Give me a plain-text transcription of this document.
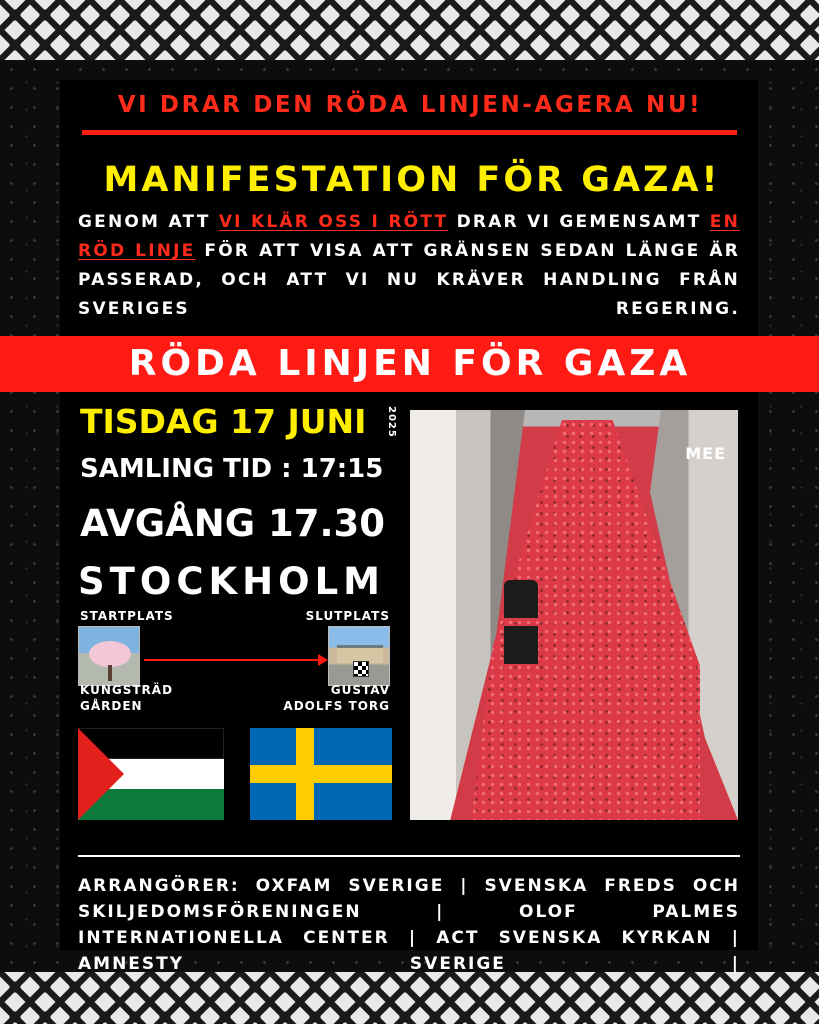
VI DRAR DEN RÖDA LINJEN-AGERA NU!
MANIFESTATION FÖR GAZA!
GENOM ATT VI KLÄR OSS I RÖTT DRAR VI GEMENSAMT EN RÖD LINJE FÖR ATT VISA ATT GRÄNSEN SEDAN LÄNGE ÄR PASSERAD, OCH ATT VI NU KRÄVER HANDLING FRÅN SVERIGES REGERING.
RÖDA LINJEN FÖR GAZA
TISDAG 17 JUNI 2025
SAMLING TID : 17:15
AVGÅNG 17.30
STOCKHOLM
STARTPLATS	SLUTPLATS
KUNGSTRÄD
GÅRDEN
GUSTAV
ADOLFS TORG
MEE
ARRANGÖRER: OXFAM SVERIGE | SVENSKA FREDS OCH SKILJEDOMSFÖRENINGEN | OLOF PALMES INTERNATIONELLA CENTER | ACT SVENSKA KYRKAN | AMNESTY SVERIGE |
